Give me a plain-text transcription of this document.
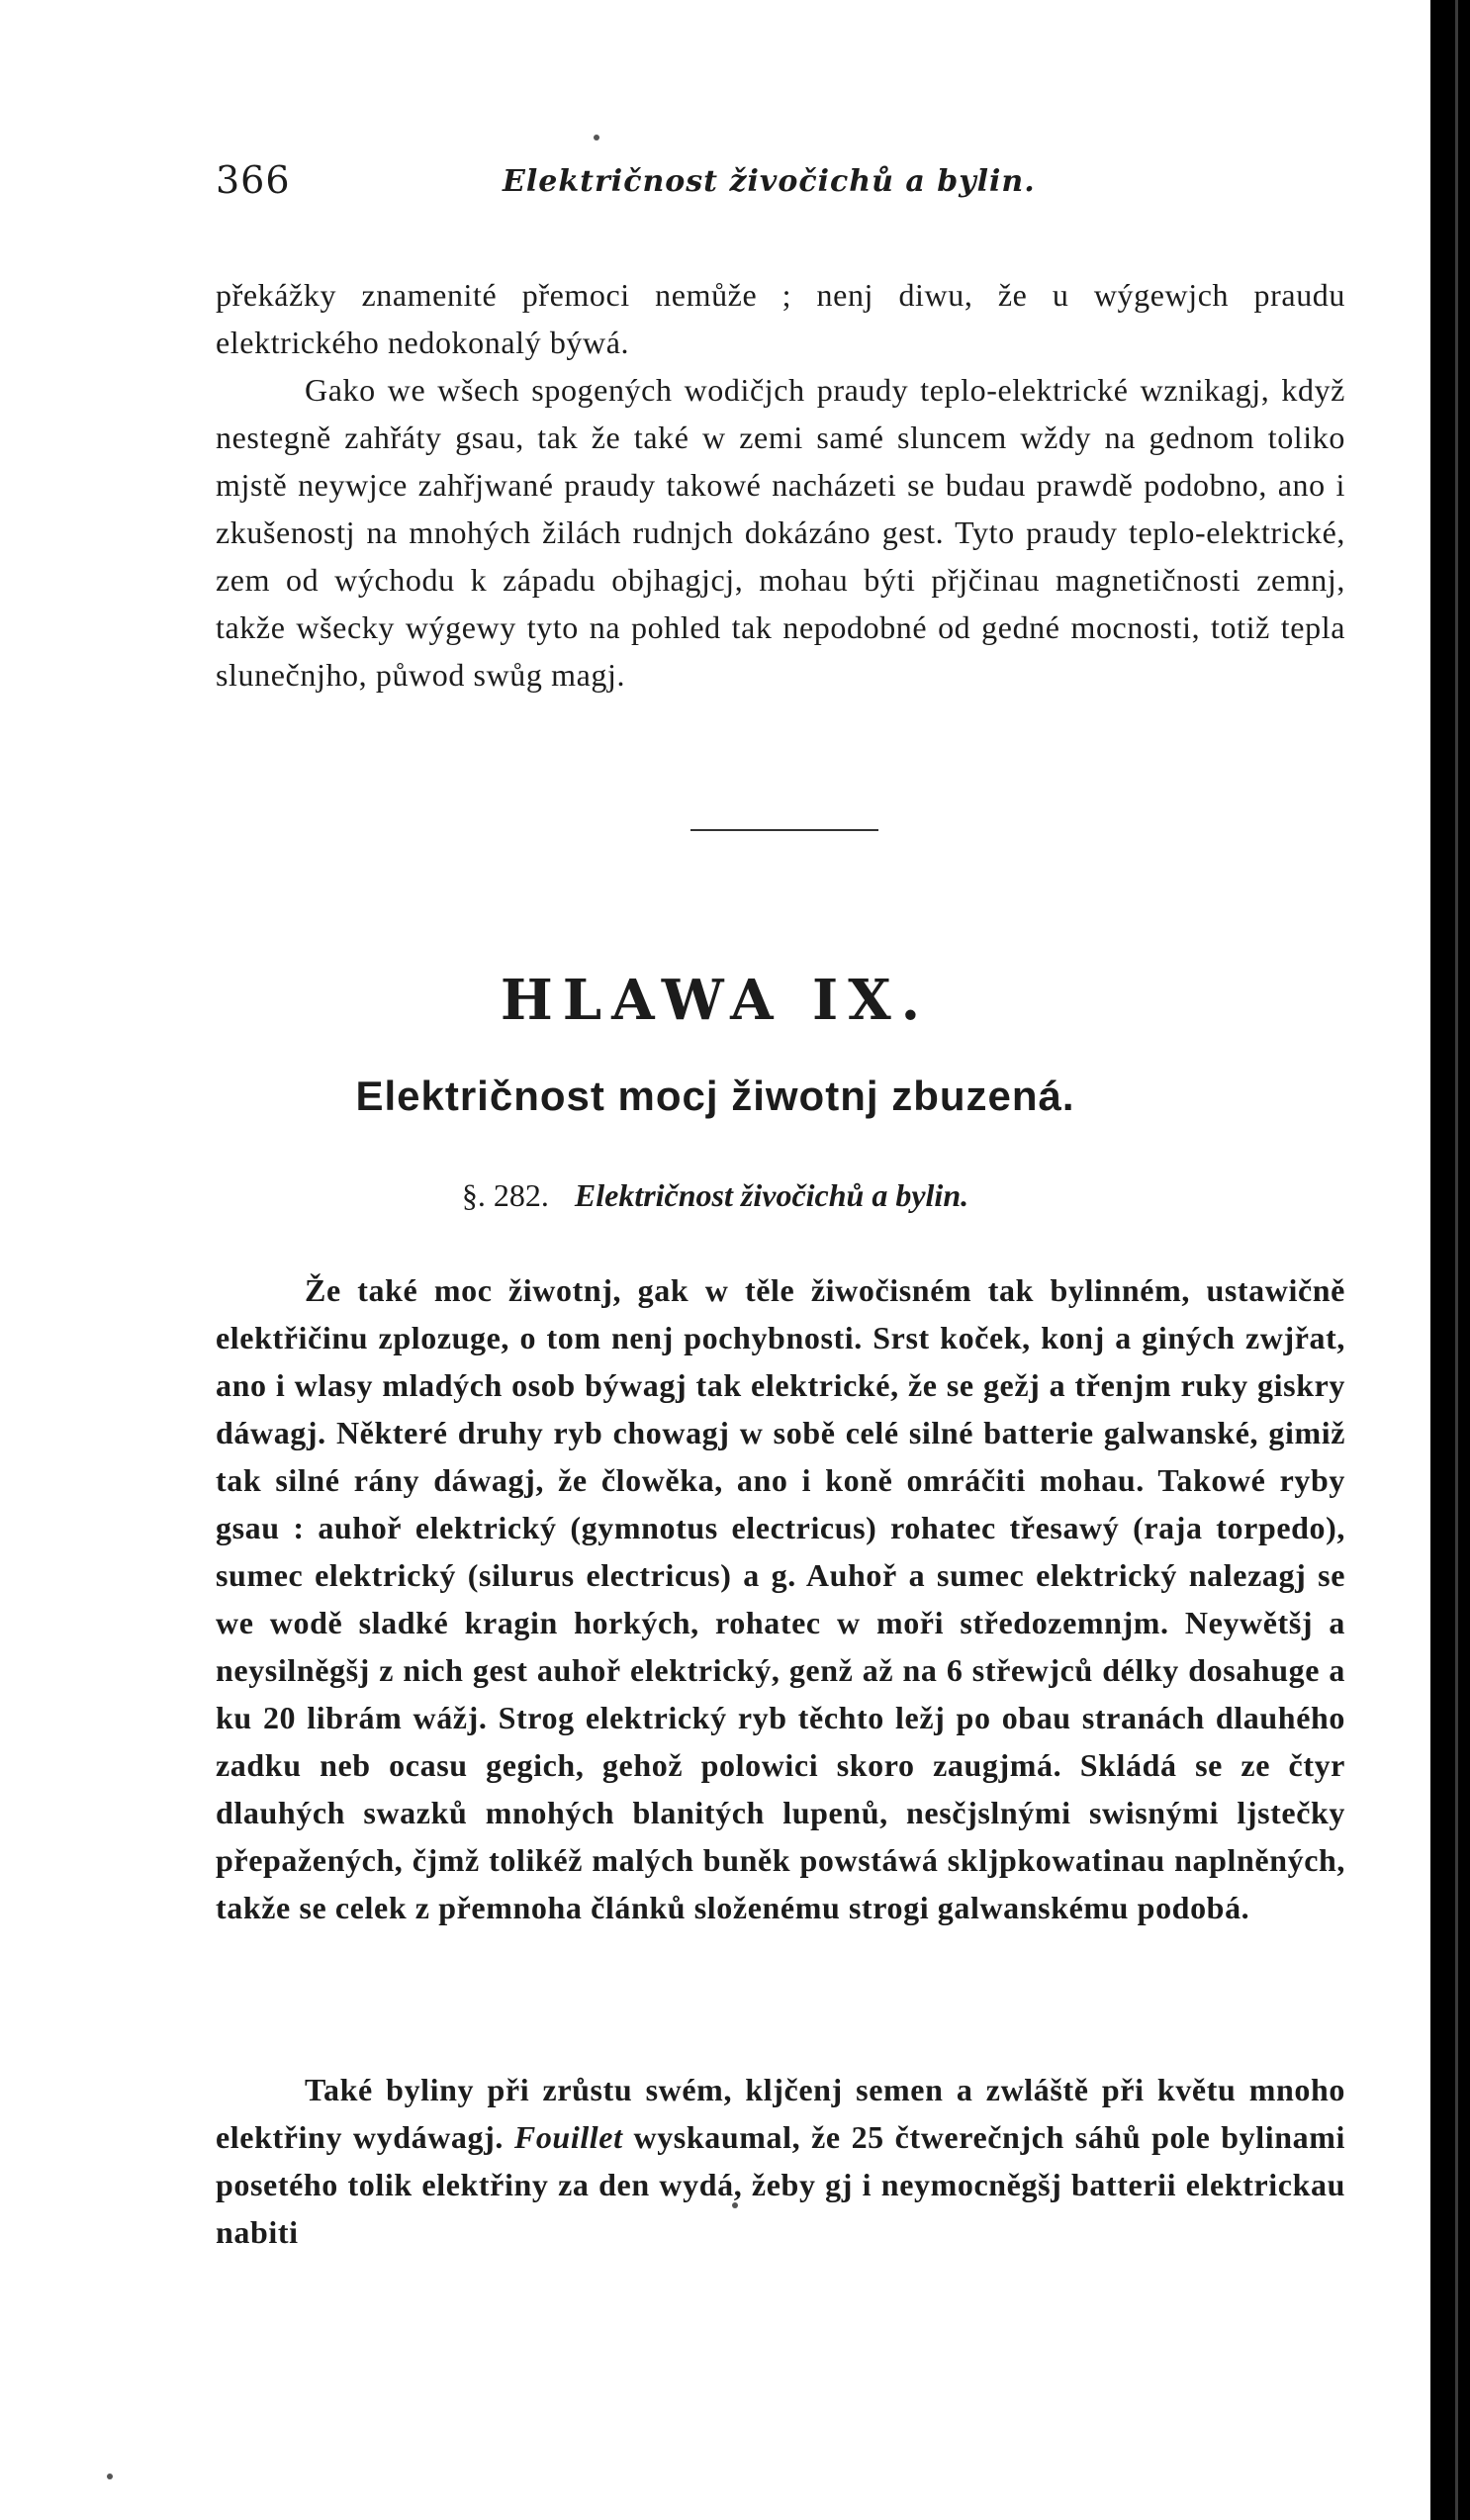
366	Električnost živočichů a bylin.

překážky znamenité přemoci nemůže ; nenj diwu, že u wýgewjch praudu elektrického nedokonalý býwá.

Gako we wšech spogených wodičjch praudy teplo-elektrické wznikagj, když nestegně zahřáty gsau, tak že také w zemi samé sluncem wždy na gednom toliko mjstě neywjce zahřjwané praudy takowé nacházeti se budau prawdě podobno, ano i zkušenostj na mnohých žilách rudnjch dokázáno gest. Tyto praudy teplo-elektrické, zem od wýchodu k západu objhagjcj, mohau býti přjčinau magnetičnosti zemnj, takže wšecky wýgewy tyto na pohled tak nepodobné od gedné mocnosti, totiž tepla slunečnjho, půwod swůg magj.

HLAWA IX.
Električnost mocj žiwotnj zbuzená.
§. 282. Električnost živočichů a bylin.

Že také moc žiwotnj, gak w těle žiwočisném tak bylinném, ustawičně elektřičinu zplozuge, o tom nenj pochybnosti. Srst koček, konj a giných zwjřat, ano i wlasy mladých osob býwagj tak elektrické, že se gežj a třenjm ruky giskry dáwagj. Některé druhy ryb chowagj w sobě celé silné batterie galwanské, gimiž tak silné rány dáwagj, že člowěka, ano i koně omráčiti mohau. Takowé ryby gsau : auhoř elektrický (gymnotus electricus) rohatec třesawý (raja torpedo), sumec elektrický (silurus electricus) a g. Auhoř a sumec elektrický nalezagj se we wodě sladké kragin horkých, rohatec w moři středozemnjm. Neywětšj a neysilněgšj z nich gest auhoř elektrický, genž až na 6 střewjců délky dosahuge a ku 20 librám wážj. Strog elektrický ryb těchto ležj po obau stranách dlauhého zadku neb ocasu gegich, gehož polowici skoro zaugjmá. Skládá se ze čtyr dlauhých swazků mnohých blanitých lupenů, nesčjslnými swisnými ljstečky přepažených, čjmž tolikéž malých buněk powstáwá skljpkowatinau naplněných, takže se celek z přemnoha článků složenému strogi galwanskému podobá.

Také byliny při zrůstu swém, kljčenj semen a zwláště při květu mnoho elektřiny wydáwagj. Fouillet wyskaumal, že 25 čtwerečnjch sáhů pole bylinami posetého tolik elektřiny za den wydá, žeby gj i neymocněgšj batterii elektrickau nabiti
